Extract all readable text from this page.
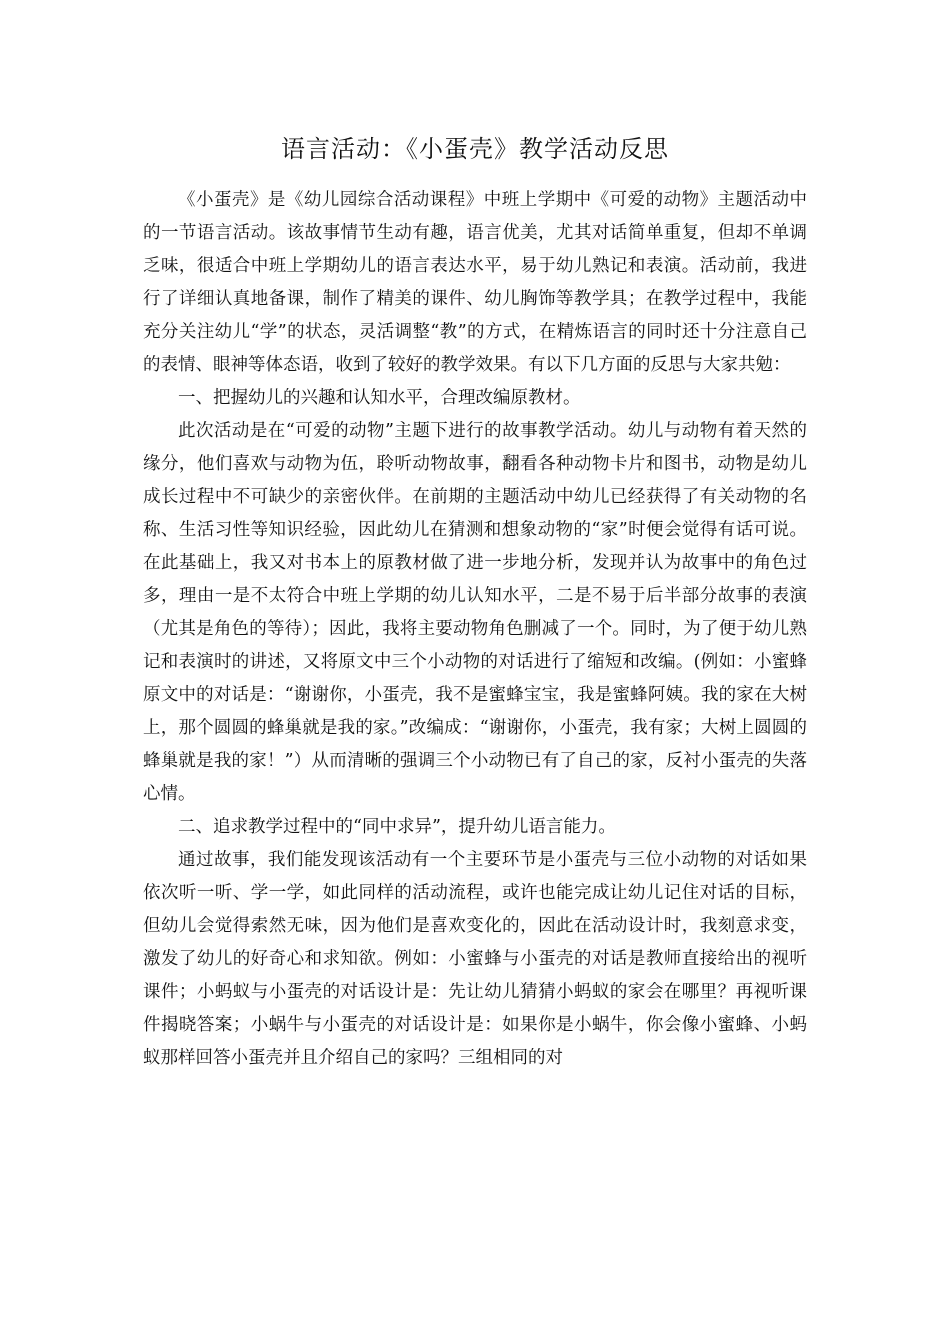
语言活动：《小蛋壳》教学活动反思

《小蛋壳》是《幼儿园综合活动课程》中班上学期中《可爱的动物》主题活动中的一节语言活动。该故事情节生动有趣，语言优美，尤其对话简单重复，但却不单调乏味，很适合中班上学期幼儿的语言表达水平，易于幼儿熟记和表演。活动前，我进行了详细认真地备课，制作了精美的课件、幼儿胸饰等教学具；在教学过程中，我能充分关注幼儿“学”的状态，灵活调整“教”的方式，在精炼语言的同时还十分注意自己的表情、眼神等体态语，收到了较好的教学效果。有以下几方面的反思与大家共勉：

一、把握幼儿的兴趣和认知水平，合理改编原教材。

此次活动是在“可爱的动物”主题下进行的故事教学活动。幼儿与动物有着天然的缘分，他们喜欢与动物为伍，聆听动物故事，翻看各种动物卡片和图书，动物是幼儿成长过程中不可缺少的亲密伙伴。在前期的主题活动中幼儿已经获得了有关动物的名称、生活习性等知识经验，因此幼儿在猜测和想象动物的“家”时便会觉得有话可说。在此基础上，我又对书本上的原教材做了进一步地分析，发现并认为故事中的角色过多，理由一是不太符合中班上学期的幼儿认知水平，二是不易于后半部分故事的表演（尤其是角色的等待）；因此，我将主要动物角色删减了一个。同时，为了便于幼儿熟记和表演时的讲述，又将原文中三个小动物的对话进行了缩短和改编。(例如：小蜜蜂原文中的对话是：“谢谢你，小蛋壳，我不是蜜蜂宝宝，我是蜜蜂阿姨。我的家在大树上，那个圆圆的蜂巢就是我的家。”改编成：“谢谢你，小蛋壳，我有家；大树上圆圆的蜂巢就是我的家！”）从而清晰的强调三个小动物已有了自己的家，反衬小蛋壳的失落心情。

二、追求教学过程中的“同中求异”，提升幼儿语言能力。

通过故事，我们能发现该活动有一个主要环节是小蛋壳与三位小动物的对话如果依次听一听、学一学，如此同样的活动流程，或许也能完成让幼儿记住对话的目标，但幼儿会觉得索然无味，因为他们是喜欢变化的，因此在活动设计时，我刻意求变，激发了幼儿的好奇心和求知欲。例如：小蜜蜂与小蛋壳的对话是教师直接给出的视听课件；小蚂蚁与小蛋壳的对话设计是：先让幼儿猜猜小蚂蚁的家会在哪里？再视听课件揭晓答案；小蜗牛与小蛋壳的对话设计是：如果你是小蜗牛，你会像小蜜蜂、小蚂蚁那样回答小蛋壳并且介绍自己的家吗？三组相同的对
